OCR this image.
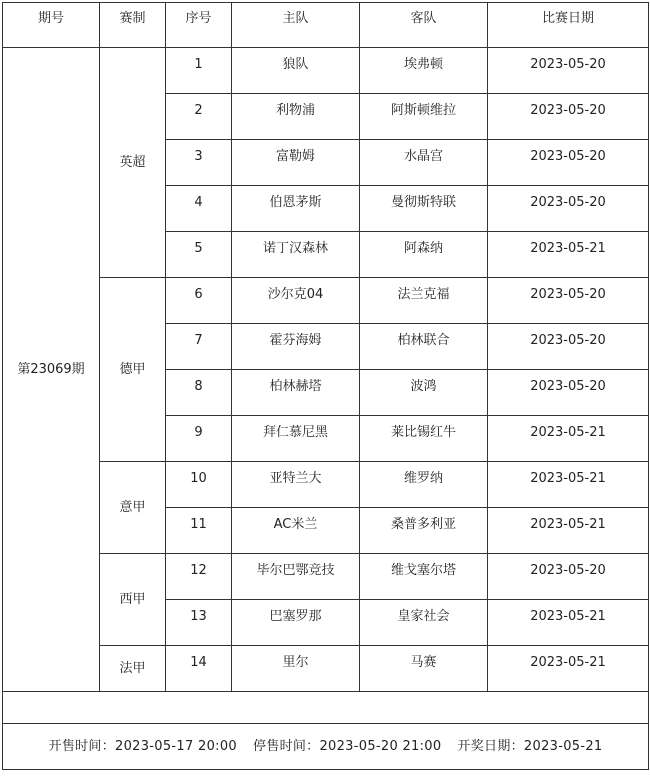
期号	赛制	序号	主队	客队	比赛日期
第23069期	英超	1	狼队	埃弗顿	2023-05-20
		2	利物浦	阿斯顿维拉	2023-05-20
		3	富勒姆	水晶宫	2023-05-20
		4	伯恩茅斯	曼彻斯特联	2023-05-20
		5	诺丁汉森林	阿森纳	2023-05-21
	德甲	6	沙尔克04	法兰克福	2023-05-20
		7	霍芬海姆	柏林联合	2023-05-20
		8	柏林赫塔	波鸿	2023-05-20
		9	拜仁慕尼黑	莱比锡红牛	2023-05-21
	意甲	10	亚特兰大	维罗纳	2023-05-21
		11	AC米兰	桑普多利亚	2023-05-21
	西甲	12	毕尔巴鄂竞技	维戈塞尔塔	2023-05-20
		13	巴塞罗那	皇家社会	2023-05-21
	法甲	14	里尔	马赛	2023-05-21

开售时间：2023-05-17 20:00 停售时间：2023-05-20 21:00 开奖日期：2023-05-21					
